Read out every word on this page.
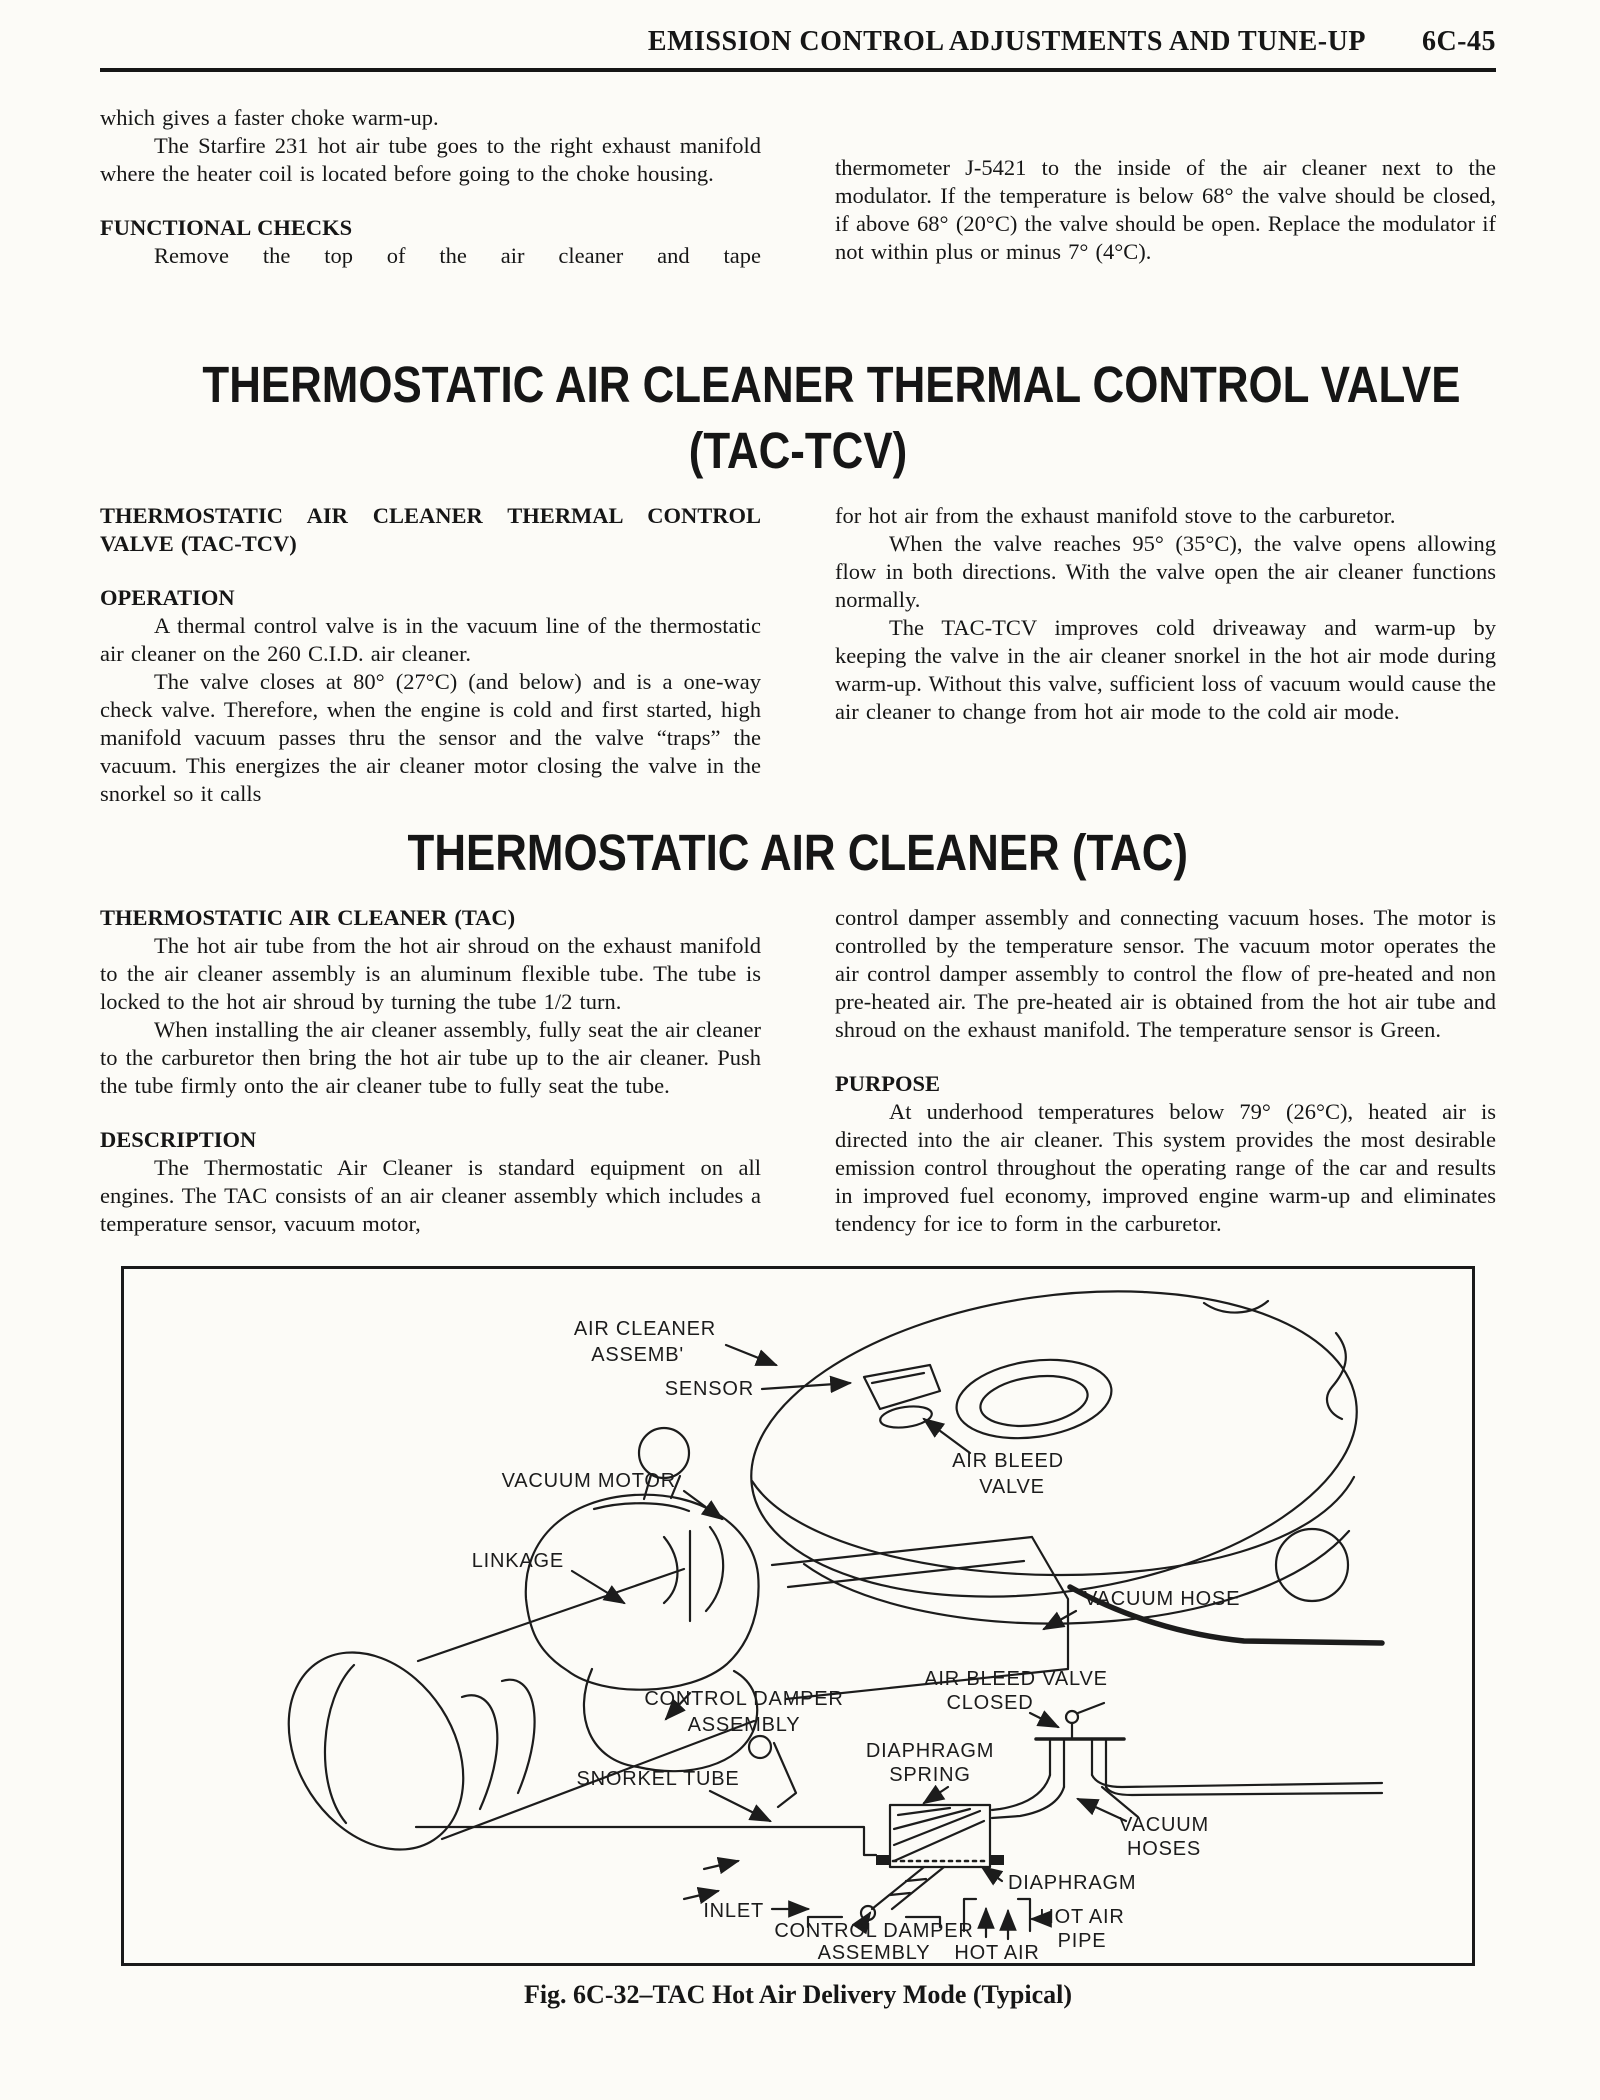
EMISSION CONTROL ADJUSTMENTS AND TUNE-UP 6C-45

which gives a faster choke warm-up.

The Starfire 231 hot air tube goes to the right exhaust manifold where the heater coil is located before going to the choke housing.

FUNCTIONAL CHECKS

Remove the top of the air cleaner and tape

thermometer J-5421 to the inside of the air cleaner next to the modulator. If the temperature is below 68° the valve should be closed, if above 68° (20°C) the valve should be open. Replace the modulator if not within plus or minus 7° (4°C).

THERMOSTATIC AIR CLEANER THERMAL CONTROL VALVE
(TAC-TCV)
THERMOSTATIC AIR CLEANER THERMAL CONTROL VALVE (TAC-TCV)
OPERATION

A thermal control valve is in the vacuum line of the thermostatic air cleaner on the 260 C.I.D. air cleaner.

The valve closes at 80° (27°C) (and below) and is a one-way check valve. Therefore, when the engine is cold and first started, high manifold vacuum passes thru the sensor and the valve “traps” the vacuum. This energizes the air cleaner motor closing the valve in the snorkel so it calls

for hot air from the exhaust manifold stove to the carburetor.

When the valve reaches 95° (35°C), the valve opens allowing flow in both directions. With the valve open the air cleaner functions normally.

The TAC-TCV improves cold driveaway and warm-up by keeping the valve in the air cleaner snorkel in the hot air mode during warm-up. Without this valve, sufficient loss of vacuum would cause the air cleaner to change from hot air mode to the cold air mode.

THERMOSTATIC AIR CLEANER (TAC)
THERMOSTATIC AIR CLEANER (TAC)

The hot air tube from the hot air shroud on the exhaust manifold to the air cleaner assembly is an aluminum flexible tube. The tube is locked to the hot air shroud by turning the tube 1/2 turn.

When installing the air cleaner assembly, fully seat the air cleaner to the carburetor then bring the hot air tube up to the air cleaner. Push the tube firmly onto the air cleaner tube to fully seat the tube.

DESCRIPTION

The Thermostatic Air Cleaner is standard equipment on all engines. The TAC consists of an air cleaner assembly which includes a temperature sensor, vacuum motor,

control damper assembly and connecting vacuum hoses. The motor is controlled by the temperature sensor. The vacuum motor operates the air control damper assembly to control the flow of pre-heated and non pre-heated air. The pre-heated air is obtained from the hot air tube and shroud on the exhaust manifold. The temperature sensor is Green.

PURPOSE

At underhood temperatures below 79° (26°C), heated air is directed into the air cleaner. This system provides the most desirable emission control throughout the operating range of the car and results in improved fuel economy, improved engine warm-up and eliminates tendency for ice to form in the carburetor.

AIR CLEANER
ASSEMB'
SENSOR
AIR BLEED
VALVE
VACUUM MOTOR
LINKAGE
VACUUM HOSE
CONTROL DAMPER
ASSEMBLY
SNORKEL TUBE
AIR BLEED VALVE
CLOSED
DIAPHRAGM
SPRING
VACUUM
HOSES
INLET
DIAPHRAGM
CONTROL DAMPER
ASSEMBLY HOT AIR
HOT AIR
PIPE
Fig. 6C-32–TAC Hot Air Delivery Mode (Typical)
